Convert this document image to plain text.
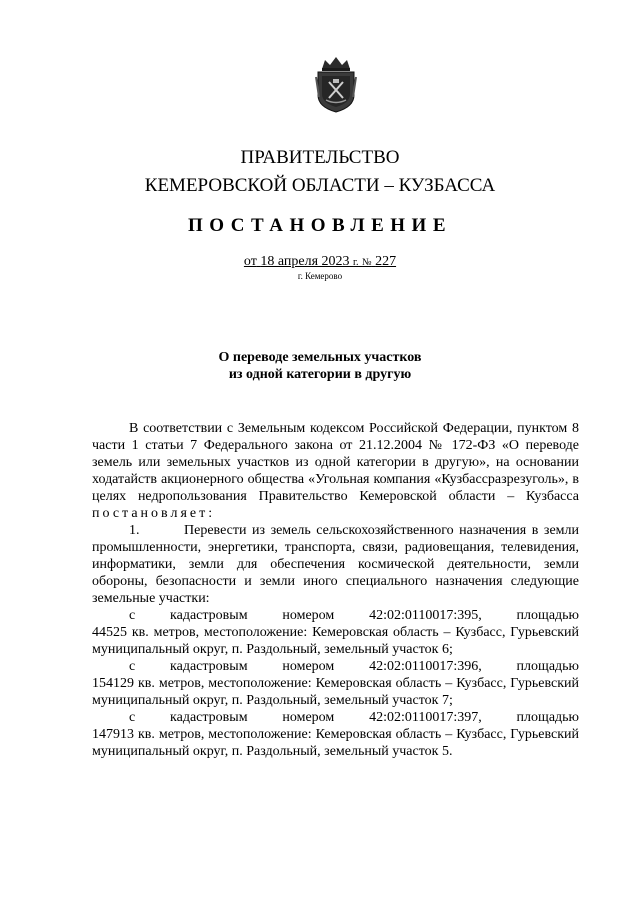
ПРАВИТЕЛЬСТВО
КЕМЕРОВСКОЙ ОБЛАСТИ – КУЗБАССА
ПОСТАНОВЛЕНИЕ
от 18 апреля 2023 г. № 227
г. Кемерово
О переводе земельных участков
из одной категории в другую

В соответствии с Земельным кодексом Российской Федерации, пунктом 8 части 1 статьи 7 Федерального закона от 21.12.2004 № 172-ФЗ «О переводе земель или земельных участков из одной категории в другую», на основании ходатайств акционерного общества «Угольная компания «Кузбассразрезуголь», в целях недропользования Правительство Кемеровской области – Кузбасса постановляет:

1.	Перевести из земель сельскохозяйственного назначения в земли промышленности, энергетики, транспорта, связи, радиовещания, телевидения, информатики, земли для обеспечения космической деятельности, земли обороны, безопасности и земли иного специального назначения следующие земельные участки:

с кадастровым номером 42:02:0110017:395, площадью
44525 кв. метров, местоположение: Кемеровская область – Кузбасс, Гурьевский муниципальный округ, п. Раздольный, земельный участок 6;
с кадастровым номером 42:02:0110017:396, площадью
154129 кв. метров, местоположение: Кемеровская область – Кузбасс, Гурьевский муниципальный округ, п. Раздольный, земельный участок 7;
с кадастровым номером 42:02:0110017:397, площадью
147913 кв. метров, местоположение: Кемеровская область – Кузбасс, Гурьевский муниципальный округ, п. Раздольный, земельный участок 5.
